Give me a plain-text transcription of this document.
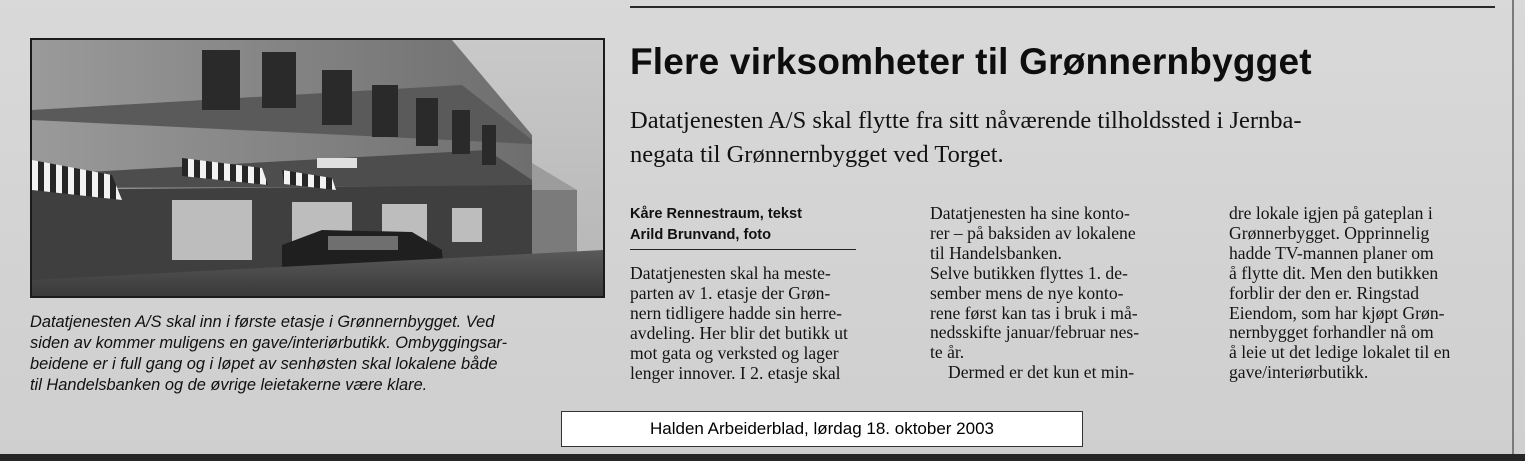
Datatjenesten A/S skal inn i første etasje i Grønnernbygget. Ved
siden av kommer muligens en gave/interiørbutikk. Ombyggingsar-
beidene er i full gang og i løpet av senhøsten skal lokalene både
til Handelsbanken og de øvrige leietakerne være klare.
Flere virksomheter til Grønnernbygget
Datatjenesten A/S skal flytte fra sitt nåværende tilholdssted i Jernba-
negata til Grønnernbygget ved Torget.
Kåre Rennestraum, tekst
Arild Brunvand, foto

Datatjenesten skal ha meste-

parten av 1. etasje der Grøn-

nern tidligere hadde sin herre-

avdeling. Her blir det butikk ut

mot gata og verksted og lager

lenger innover. I 2. etasje skal

Datatjenesten ha sine konto-

rer – på baksiden av lokalene

til Handelsbanken.

Selve butikken flyttes 1. de-

sember mens de nye konto-

rene først kan tas i bruk i må-

nedsskifte januar/februar nes-

te år.

Dermed er det kun et min-

dre lokale igjen på gateplan i

Grønnerbygget. Opprinnelig

hadde TV-mannen planer om

å flytte dit. Men den butikken

forblir der den er. Ringstad

Eiendom, som har kjøpt Grøn-

nernbygget forhandler nå om

å leie ut det ledige lokalet til en

gave/interiørbutikk.

Halden Arbeiderblad, lørdag 18. oktober 2003
